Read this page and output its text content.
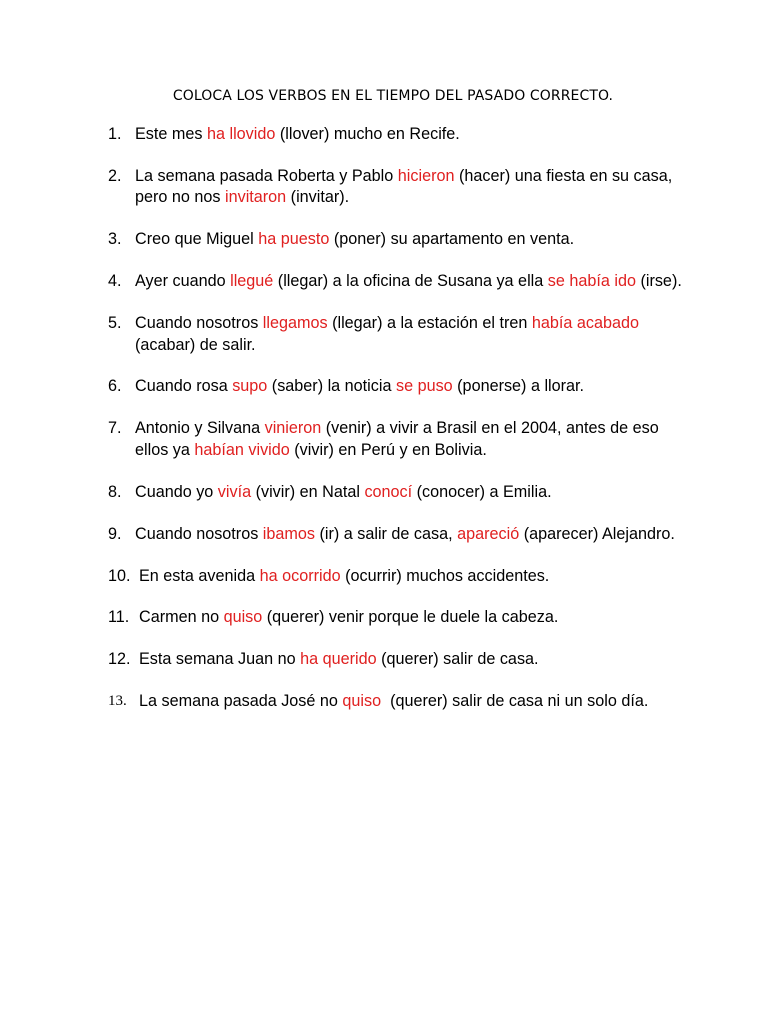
COLOCA LOS VERBOS EN EL TIEMPO DEL PASADO CORRECTO.
1. Este mes ha llovido (llover) mucho en Recife.
2. La semana pasada Roberta y Pablo hicieron (hacer) una fiesta en su casa, pero no nos invitaron (invitar).
3. Creo que Miguel ha puesto (poner) su apartamento en venta.
4. Ayer cuando llegué (llegar) a la oficina de Susana ya ella se había ido (irse).
5. Cuando nosotros llegamos (llegar) a la estación el tren había acabado (acabar) de salir.
6. Cuando rosa supo (saber) la noticia se puso (ponerse) a llorar.
7. Antonio y Silvana vinieron (venir) a vivir a Brasil en el 2004, antes de eso ellos ya habían vivido (vivir) en Perú y en Bolivia.
8. Cuando yo vivía (vivir) en Natal conocí (conocer) a Emilia.
9. Cuando nosotros ibamos (ir) a salir de casa, apareció (aparecer) Alejandro.
10. En esta avenida ha ocorrido (ocurrir) muchos accidentes.
11. Carmen no quiso (querer) venir porque le duele la cabeza.
12. Esta semana Juan no ha querido (querer) salir de casa.
13. La semana pasada José no quiso  (querer) salir de casa ni un solo día.
